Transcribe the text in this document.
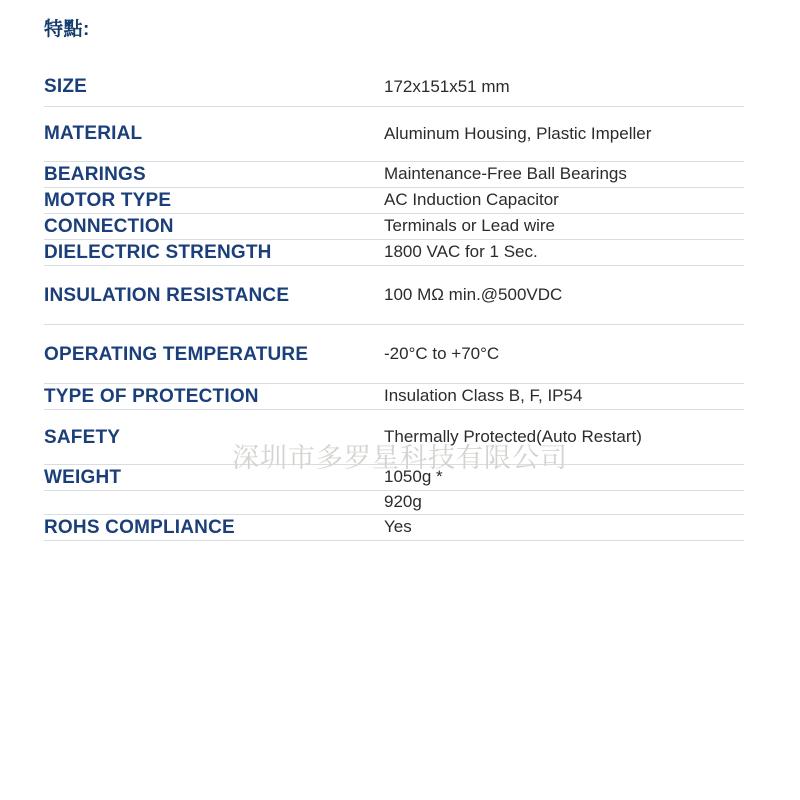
特點:
SIZE	172x151x51 mm
MATERIAL	Aluminum Housing, Plastic Impeller
BEARINGS	Maintenance-Free Ball Bearings
MOTOR TYPE	AC Induction Capacitor
CONNECTION	Terminals or Lead wire
DIELECTRIC STRENGTH	1800 VAC for 1 Sec.
INSULATION RESISTANCE	100 MΩ min.@500VDC
OPERATING TEMPERATURE	-20°C to +70°C
TYPE OF PROTECTION	Insulation Class B, F, IP54
SAFETY	Thermally Protected(Auto Restart)
WEIGHT	1050g *
	920g
ROHS COMPLIANCE	Yes
深圳市多罗星科技有限公司
